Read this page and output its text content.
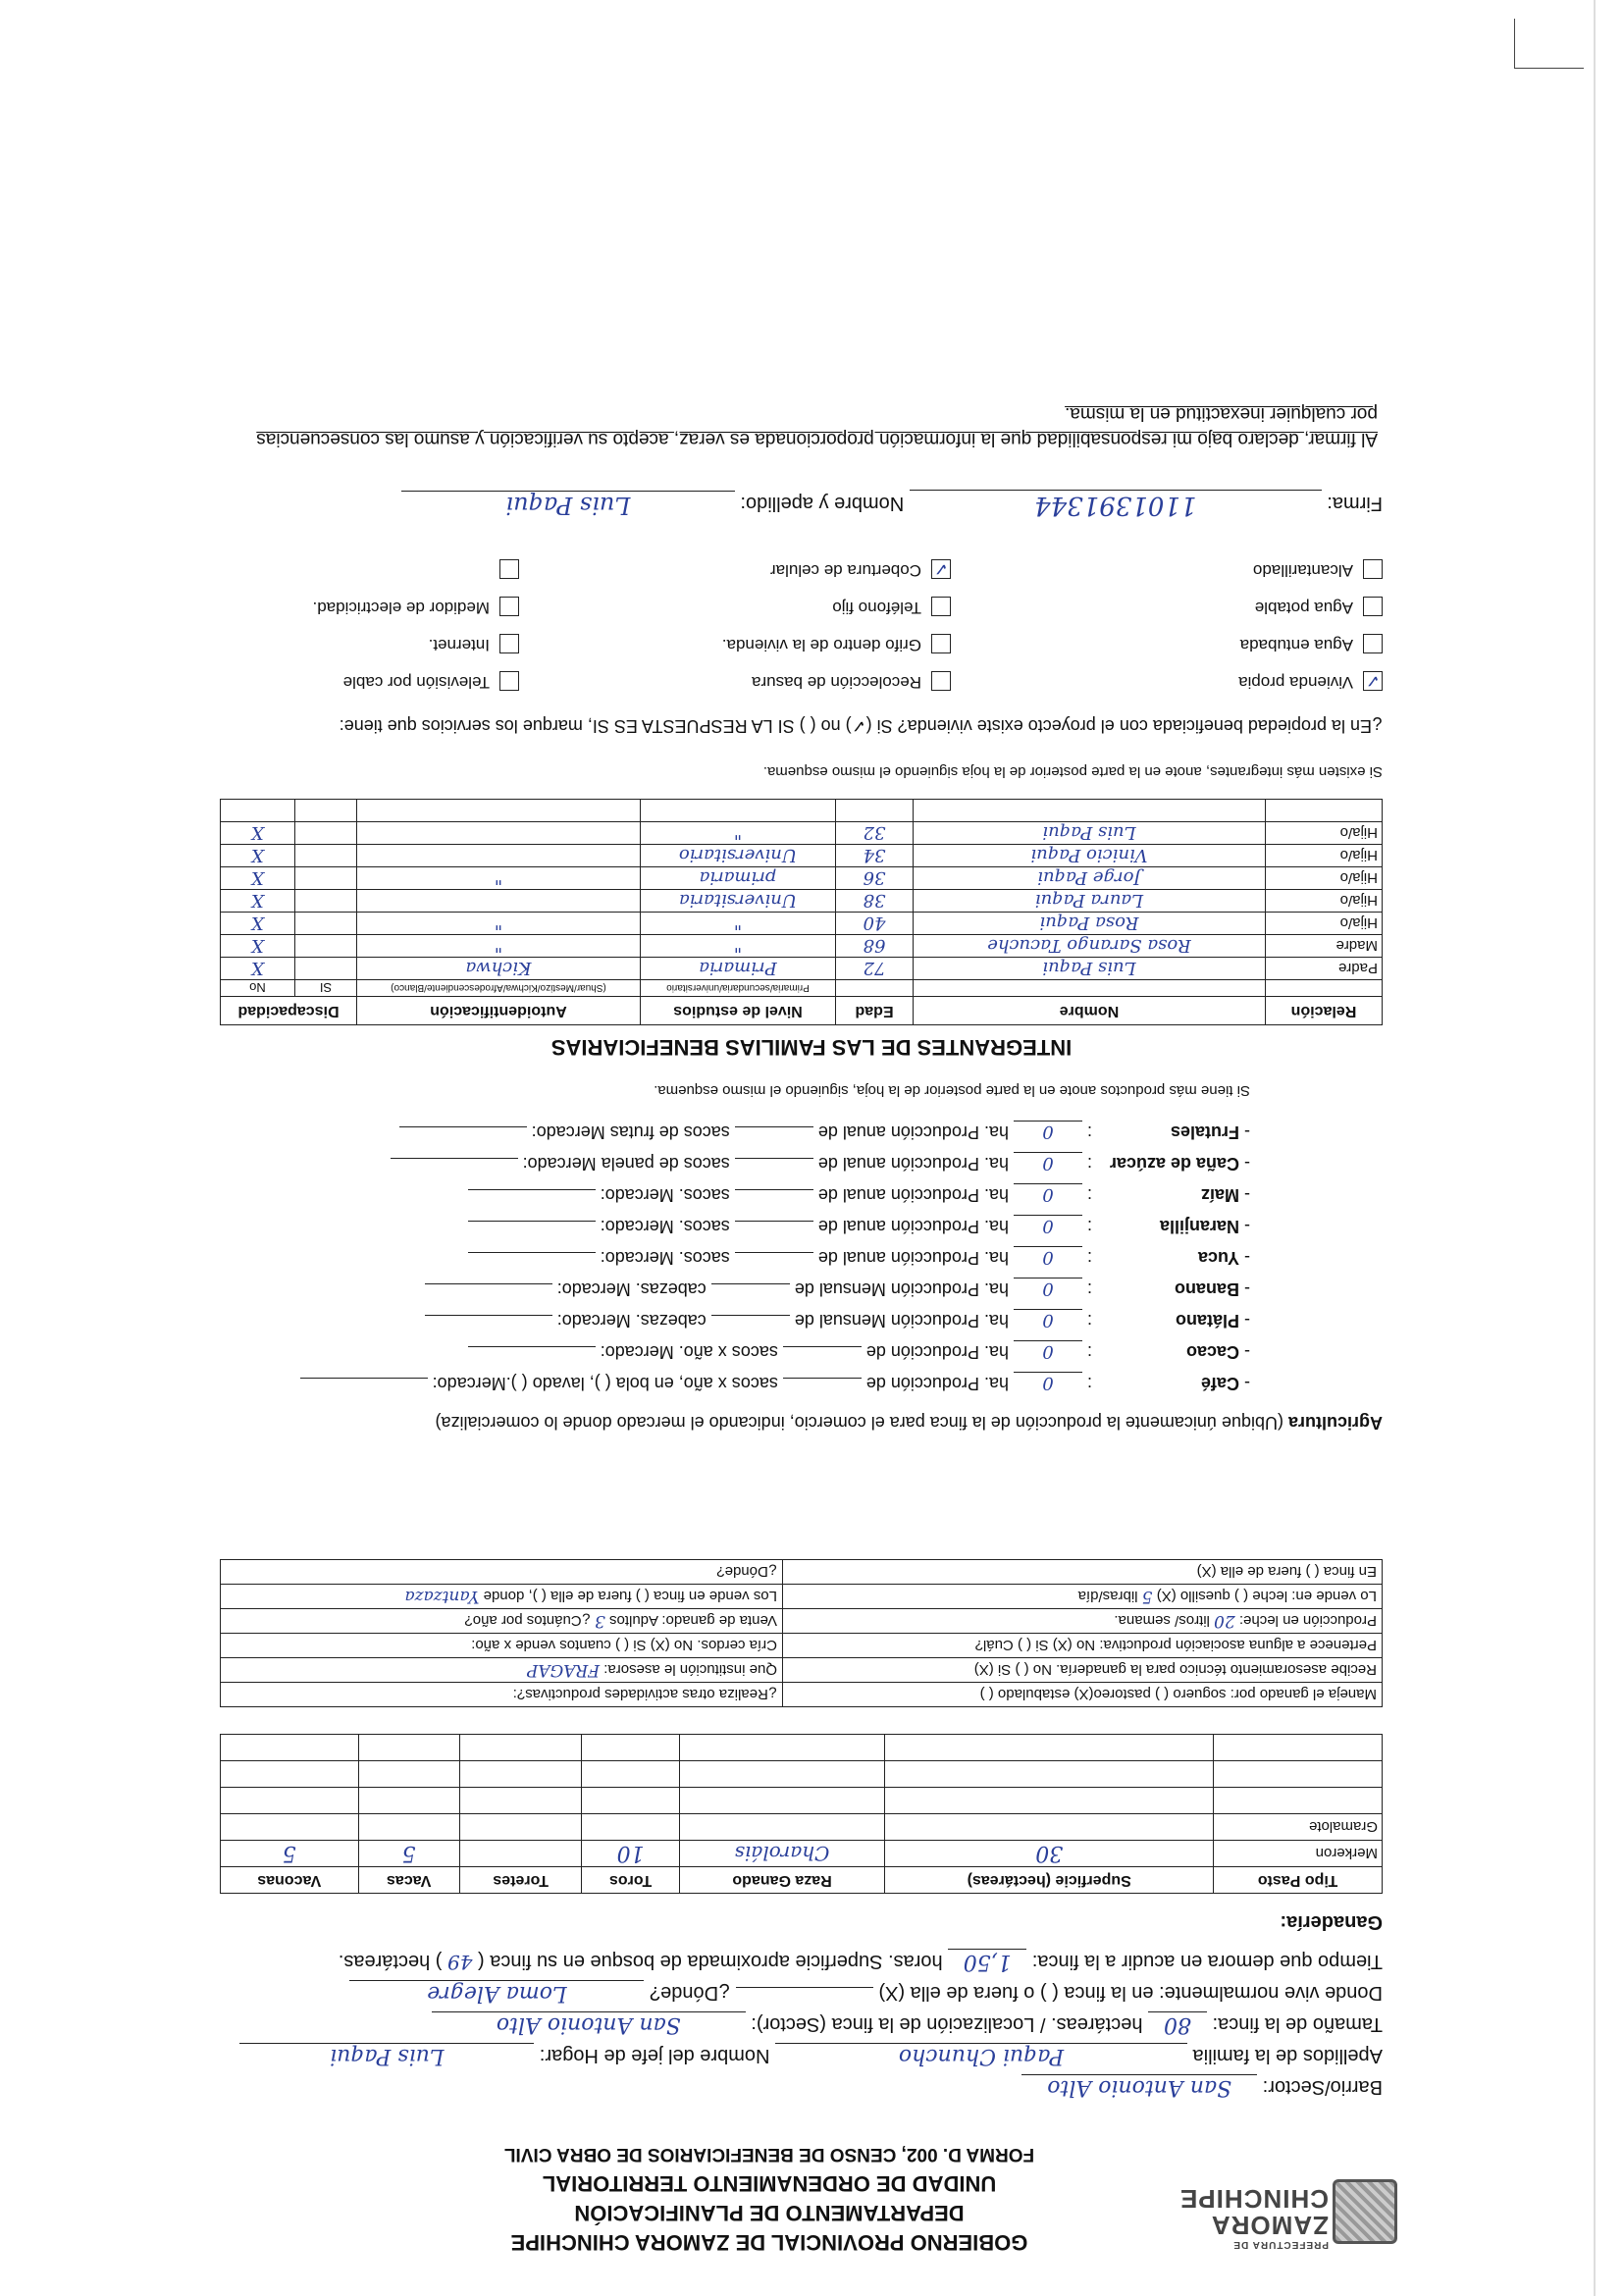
PREFECTURA DE
ZAMORA
CHINCHIPE
GOBIERNO PROVINCIAL DE ZAMORA CHINCHIPE
DEPARTAMENTO DE PLANIFICACIÓN
UNIDAD DE ORDENAMIENTO TERRITORIAL
FORMA D. 002, CENSO DE BENEFICIARIOS DE OBRA CIVIL
Barrio/Sector: San Antonio Alto
Apellidos de la familia Paqui Chuncho Nombre del jefe de Hogar: Luis Paqui
Tamaño de la finca: 80 hectáreas. / Localización de la finca (Sector): San Antonio Alto
Donde vive normalmente: en la finca ( ) o fuera de ella (X)  ¿Dónde? Loma Alegre
Tiempo que demora en acudir a la finca: 1,50 horas. Superficie aproximada de bosque en su finca ( 49 ) hectáreas.
Ganadería:
Tipo Pasto	Superficie (hectáreas)	Raza Ganado	Toros	Toretes	Vacas	Vaconas
Merkeron	30	Charoláis	10		5	5
Gramalote						

Maneja el ganado por: soguero ( ) pastoreo(X) estabulado ( )	¿Realiza otras actividades productivas?:
Recibe asesoramiento técnico para la ganadería. No ( ) Si (X)	Que institución le asesora: FRAGAP
Pertenece a alguna asociación productiva: No (X) Si ( ) Cuál?	Cría cerdos. No (X) Si ( ) cuantos vende x año:
Producción en leche: 20 litros/ semana.	Venta de ganado: Adultos 3 ¿Cuántos por año?
Lo vende en: leche ( ) quesillo (X) 5 libras/día	Los vende en finca ( ) fuera de ella ( ), donde Yantzaza
En finca ( ) fuera de ella (X)	¿Dónde?
Agricultura (Ubique únicamente la producción de la finca para el comercio, indicando el mercado donde lo comercializa)
- Café: 0 ha. Producción de  sacos x año, en bola ( ), lavado ( ).Mercado:
- Cacao: 0 ha. Producción de  sacos x año. Mercado:
- Plátano: 0 ha. Producción Mensual de  cabezas. Mercado:
- Banano: 0 ha. Producción Mensual de  cabezas. Mercado:
- Yuca: 0 ha. Producción anual de  sacos. Mercado:
- Naranjilla: 0 ha. Producción anual de  sacos. Mercado:
- Maíz: 0 ha. Producción anual de  sacos. Mercado:
- Caña de azúcar: 0 ha. Producción anual de  sacos de panela Mercado:
- Frutales: 0 ha. Producción anual de  sacos de frutas Mercado:
Si tiene más productos anote en la parte posterior de la hoja, siguiendo el mismo esquema.
INTEGRANTES DE LAS FAMILIAS BENEFICIARIAS
Relación	Nombre	Edad	Nivel de estudios	Autoidentificación	Discapacidad	
			Primaria/secundaria/universitario	(Shuar/Mestizo/Kichwa/Afrodescendiente/Blanco)	SI	No
Padre	Luis Paqui	72	Primaria	Kichwa		X
Madre	Rosa Sarango Tacuche	68	"	"		X
Hija/o	Rosa Paqui	40	"	"		X
Hija/o	Laura Paqui	38	Universitaria			X
Hija/o	Jorge Paqui	36	primaria	"		X
Hija/o	Vinicio Paqui	34	Universitario			X
Hija/o	Luis Paqui	32	"			X

Si existen más integrantes, anote en la parte posterior de la hoja siguiendo el mismo esquema.
¿En la propiedad beneficiada con el proyecto existe vivienda? Si (✓) no ( ) SI LA RESPUESTA ES SI, marque los servicios que tiene:
✓Vivienda propia
Recolección de basura
Televisión por cable
Agua entubada
Grifo dentro de la vivienda.
Internet.
Agua potable
Teléfono fijo
Medidor de electricidad.
Alcantarillado
✓Cobertura de celular
Firma: 1101391344 Nombre y apellido: Luis Paqui
Al firmar, declaro bajo mi responsabilidad que la información proporcionada es veraz, acepto su verificación y asumo las consecuencias por cualquier inexactitud en la misma.
